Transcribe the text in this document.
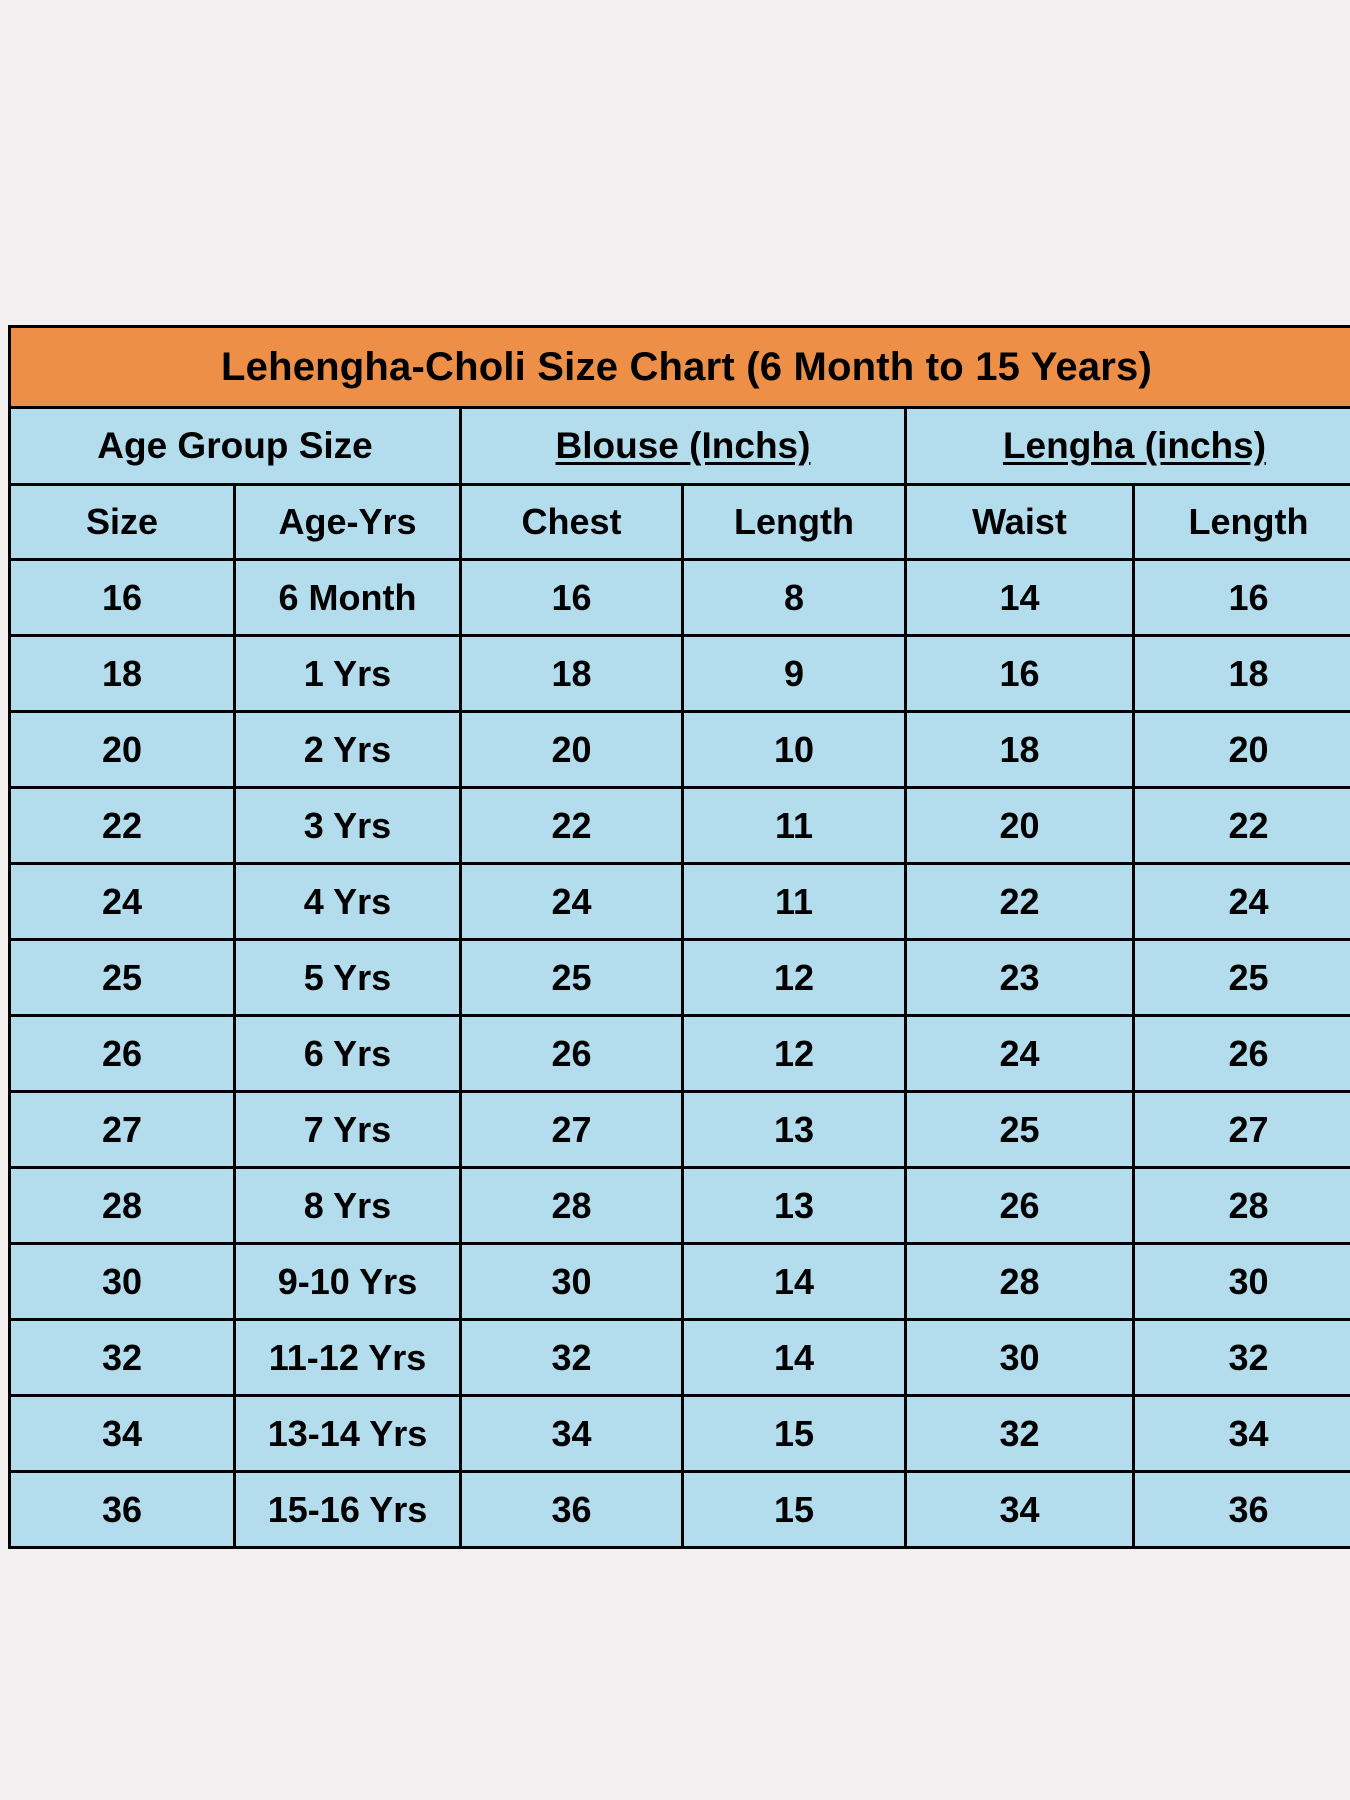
Lehengha-Choli Size Chart (6 Month to 15 Years)					
Age Group Size		Blouse (Inchs)		Lengha (inchs)	
Size	Age-Yrs	Chest	Length	Waist	Length
16	6 Month	16	8	14	16
18	1 Yrs	18	9	16	18
20	2 Yrs	20	10	18	20
22	3 Yrs	22	11	20	22
24	4 Yrs	24	11	22	24
25	5 Yrs	25	12	23	25
26	6 Yrs	26	12	24	26
27	7 Yrs	27	13	25	27
28	8 Yrs	28	13	26	28
30	9-10 Yrs	30	14	28	30
32	11-12 Yrs	32	14	30	32
34	13-14 Yrs	34	15	32	34
36	15-16 Yrs	36	15	34	36
